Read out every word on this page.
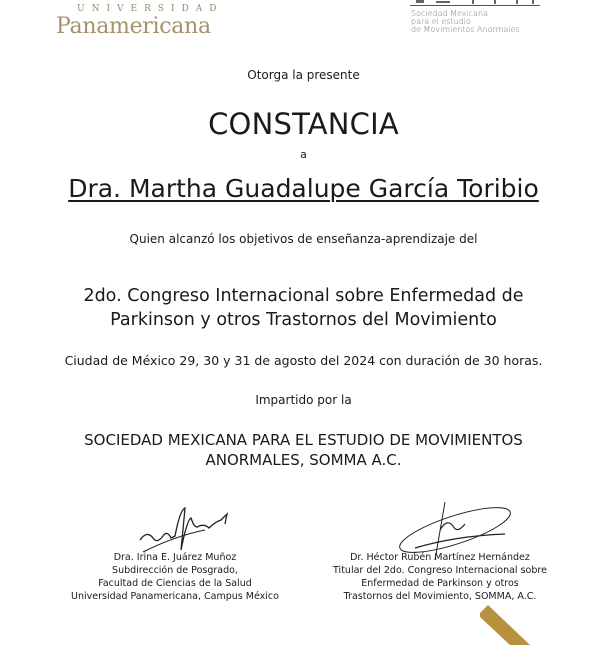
UNIVERSIDAD
Panamericana
Sociedad Mexicana
para el estudio
de Movimientos Anormales
Otorga la presente
CONSTANCIA
a
Dra. Martha Guadalupe García Toribio
Quien alcanzó los objetivos de enseñanza-aprendizaje del
2do. Congreso Internacional sobre Enfermedad de
Parkinson y otros Trastornos del Movimiento
Ciudad de México 29, 30 y 31 de agosto del 2024 con duración de 30 horas.
Impartido por la
SOCIEDAD MEXICANA PARA EL ESTUDIO DE MOVIMIENTOS
ANORMALES, SOMMA A.C.
Dra. Irina E. Juárez Muñoz
Subdirección de Posgrado,
Facultad de Ciencias de la Salud
Universidad Panamericana, Campus México
Dr. Héctor Rubén Martínez Hernández
Titular del 2do. Congreso Internacional sobre
Enfermedad de Parkinson y otros
Trastornos del Movimiento, SOMMA, A.C.
